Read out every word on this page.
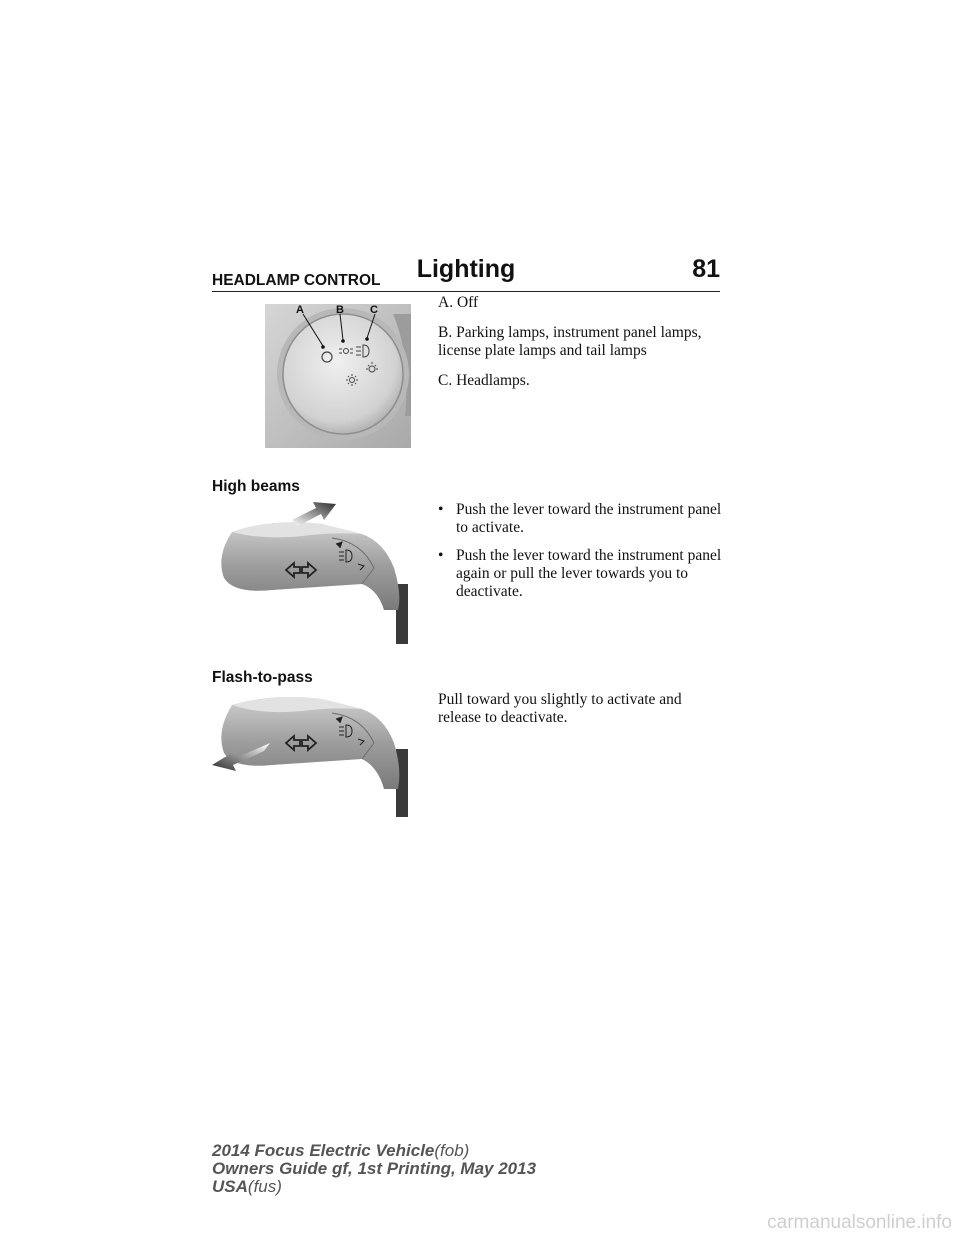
Lighting	81
HEADLAMP CONTROL
A	B C	A. Off

B. Parking lamps, instrument panel lamps, license plate lamps and tail lamps

C. Headlamps.

High beams
• Push the lever toward the instrument panel to activate.
• Push the lever toward the instrument panel again or pull the lever towards you to deactivate.
Flash-to-pass

Pull toward you slightly to activate and release to deactivate.

2014 Focus Electric Vehicle(fob)
Owners Guide gf, 1st Printing, May 2013
USA(fus)
carmanualsonline.info
